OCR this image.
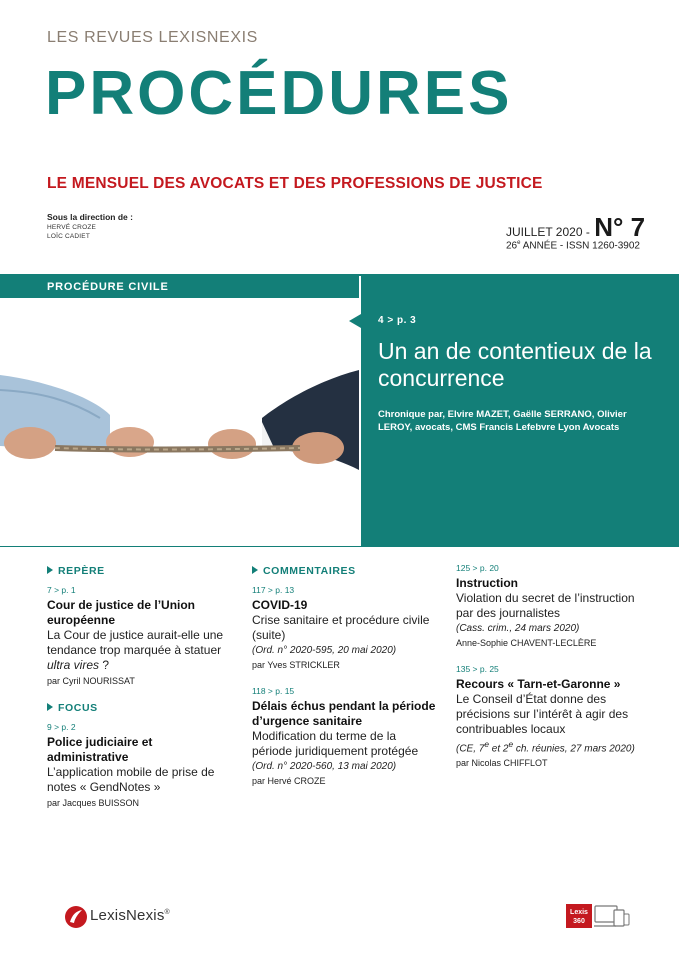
LES REVUES LEXISNEXIS
PROCÉDURES
LE MENSUEL DES AVOCATS ET DES PROFESSIONS DE JUSTICE
Sous la direction de :
HERVÉ CROZE
LOÏC CADIET	JUILLET 2020 - N° 7
26e ANNÉE - ISSN 1260-3902
PROCÉDURE CIVILE
4 > p. 3
Un an de contentieux de la concurrence
Chronique par, Elvire MAZET, Gaëlle SERRANO, Olivier LEROY, avocats, CMS Francis Lefebvre Lyon Avocats
REPÈRE
7 > p. 1
Cour de justice de l’Union européenne
La Cour de justice aurait-elle une tendance trop marquée à statuer ultra vires ?
par Cyril NOURISSAT
FOCUS
9 > p. 2
Police judiciaire et administrative
L’application mobile de prise de notes « GendNotes »
par Jacques BUISSON
COMMENTAIRES
117 > p. 13
COVID-19
Crise sanitaire et procédure civile (suite)
(Ord. n° 2020-595, 20 mai 2020)
par Yves STRICKLER
118 > p. 15
Délais échus pendant la période d’urgence sanitaire
Modification du terme de la période juridiquement protégée
(Ord. n° 2020-560, 13 mai 2020)
par Hervé CROZE
125 > p. 20
Instruction
Violation du secret de l’instruction par des journalistes
(Cass. crim., 24 mars 2020)
Anne-Sophie CHAVENT-LECLÈRE
135 > p. 25
Recours « Tarn-et-Garonne »
Le Conseil d’État donne des précisions sur l’intérêt à agir des contribuables locaux
(CE, 7e et 2e ch. réunies, 27 mars 2020)
par Nicolas CHIFFLOT
LexisNexis®	Lexis
360
